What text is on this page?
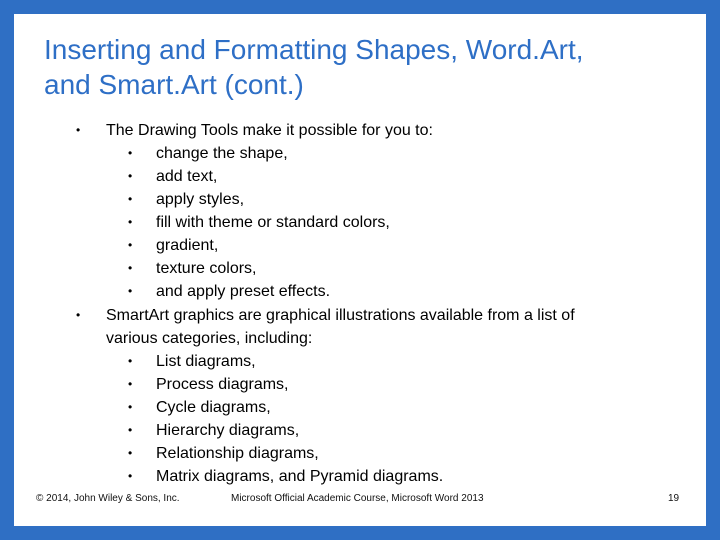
Inserting and Formatting Shapes, Word.Art,
and Smart.Art (cont.)
• The Drawing Tools make it possible for you to:
• change the shape,
• add text,
• apply styles,
• fill with theme or standard colors,
• gradient,
• texture colors,
• and apply preset effects.
• SmartArt graphics are graphical illustrations available from a list of
various categories, including:
• List diagrams,
• Process diagrams,
• Cycle diagrams,
• Hierarchy diagrams,
• Relationship diagrams,
• Matrix diagrams, and Pyramid diagrams.
© 2014, John Wiley & Sons, Inc.	Microsoft Official Academic Course, Microsoft Word 2013	19
